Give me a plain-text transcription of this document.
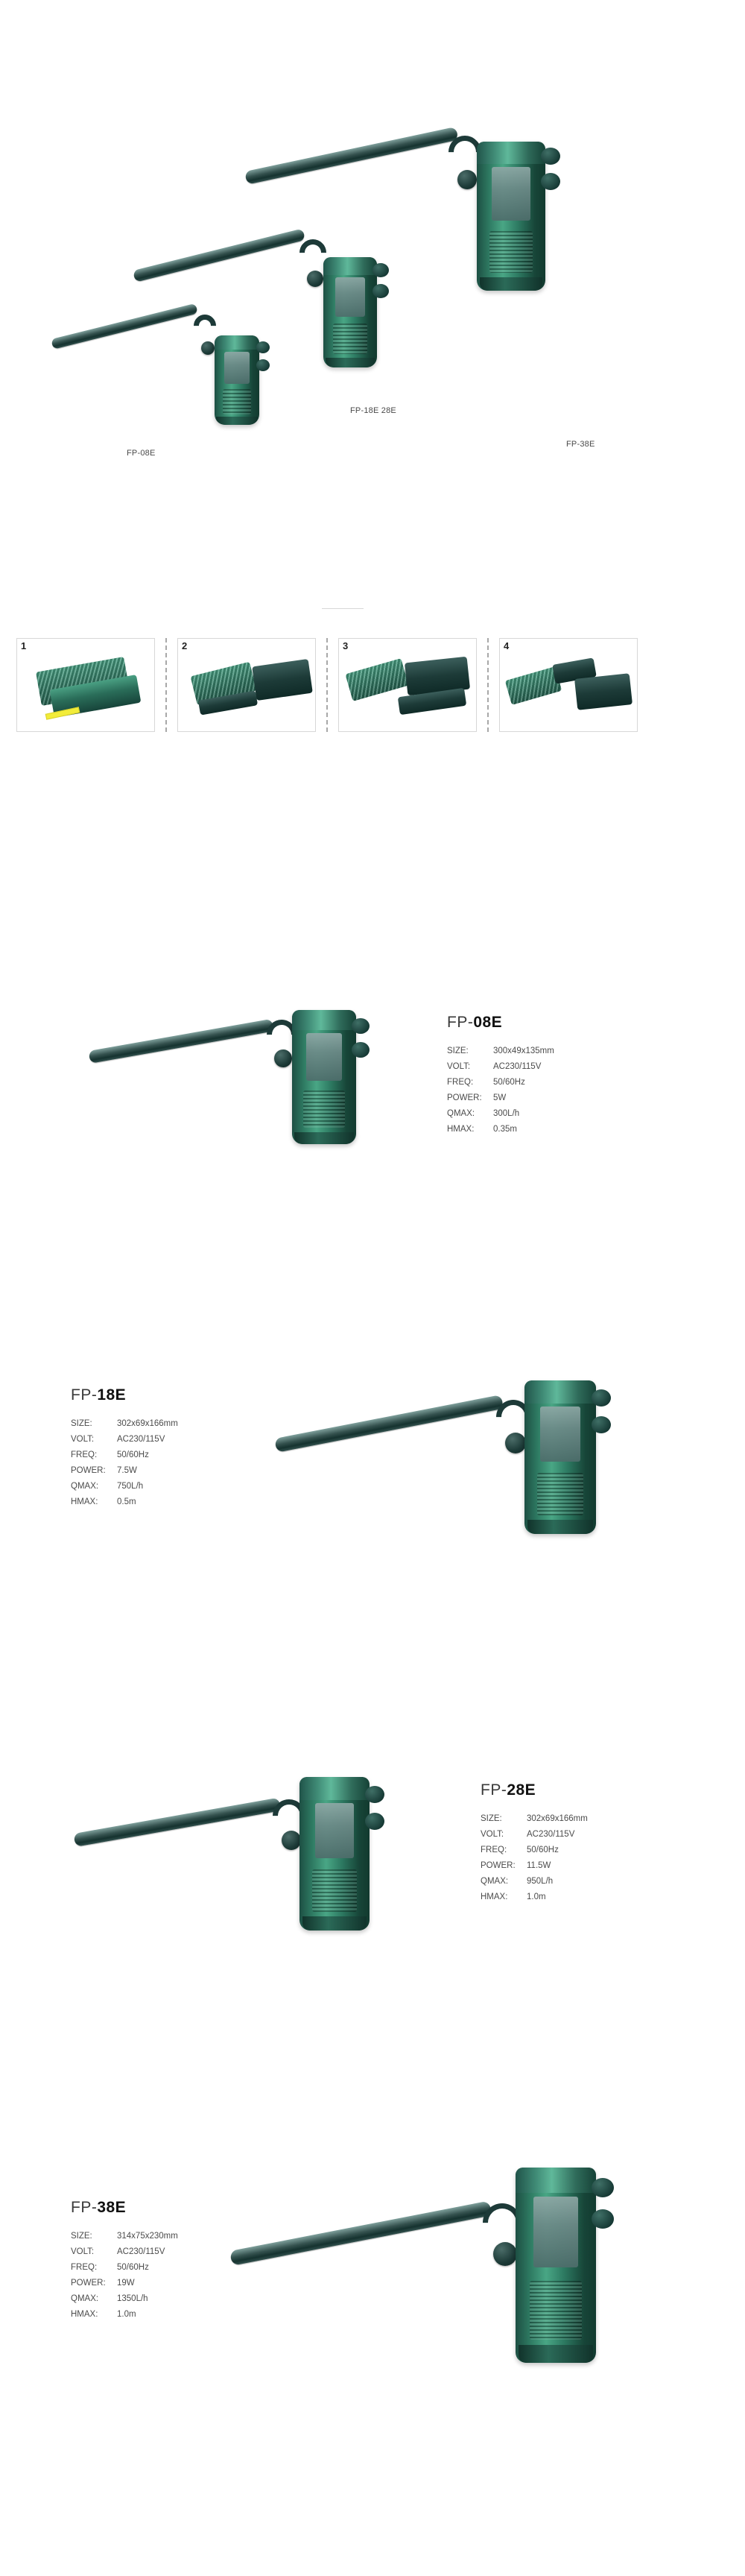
FP-08E
FP-18E 28E
FP-38E
1	2	3	4
FP-08E
SIZE:	300x49x135mm
VOLT:	AC230/115V
FREQ:	50/60Hz
POWER:	5W
QMAX:	300L/h
HMAX:	0.35m
FP-18E
SIZE:	302x69x166mm
VOLT:	AC230/115V
FREQ:	50/60Hz
POWER:	7.5W
QMAX:	750L/h
HMAX:	0.5m
FP-28E
SIZE:	302x69x166mm
VOLT:	AC230/115V
FREQ:	50/60Hz
POWER:	11.5W
QMAX:	950L/h
HMAX:	1.0m
FP-38E
SIZE:	314x75x230mm
VOLT:	AC230/115V
FREQ:	50/60Hz
POWER:	19W
QMAX:	1350L/h
HMAX:	1.0m
